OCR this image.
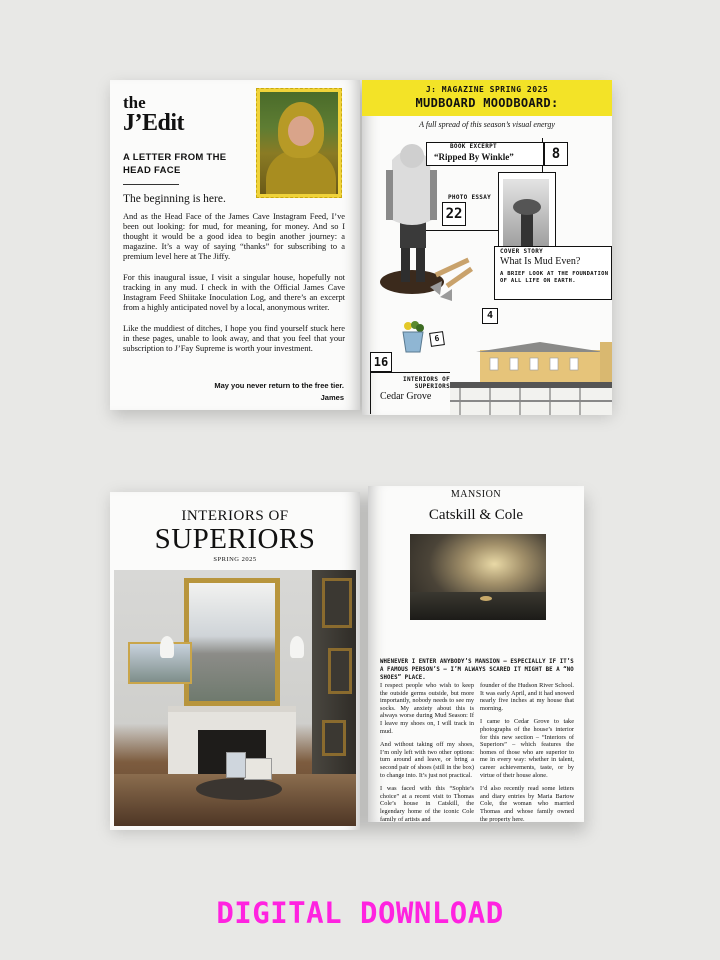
the
J’Edit
A LETTER FROM THE HEAD FACE
The beginning is here.
And as the Head Face of the James Cave Instagram Feed, I’ve been out looking: for mud, for meaning, for money. And so I thought it would be a good idea to begin another journey: a magazine. It’s a way of saying “thanks” for subscribing to a premium level here at The Jiffy.
For this inaugural issue, I visit a singular house, hopefully not tracking in any mud. I check in with the Official James Cave Instagram Feed Shiitake Inoculation Log, and there’s an excerpt from a highly anticipated novel by a local, anonymous writer.
Like the muddiest of ditches, I hope you find yourself stuck here in these pages, unable to look away, and that you feel that your subscription to J’Fay Supreme is worth your investment.
May you never return to the free tier.
James
J: MAGAZINE SPRING 2025
MUDBOARD MOODBOARD:
A full spread of this season’s visual energy
BOOK EXCERPT
“Ripped By Winkle”	8
PHOTO ESSAY
22
COVER STORY
What Is Mud Even?
A BRIEF LOOK AT THE FOUNDATION OF ALL LIFE ON EARTH.
4
6
16
INTERIORS OF SUPERIORS
Cedar Grove
INTERIORS OF
SUPERIORS
SPRING 2025
MANSION
Catskill & Cole
WHENEVER I ENTER ANYBODY’S MANSION — ESPECIALLY IF IT’S A FAMOUS PERSON’S — I’M ALWAYS SCARED IT MIGHT BE A “NO SHOES” PLACE.

I respect people who wish to keep the outside germs outside, but more importantly, nobody needs to see my socks. My anxiety about this is always worse during Mud Season: If I leave my shoes on, I will track in mud.

And without taking off my shoes, I’m only left with two other options: turn around and leave, or bring a second pair of shoes (still in the box) to change into. It’s just not practical.

I was faced with this “Sophie’s choice” at a recent visit to Thomas Cole’s house in Catskill, the legendary home of the iconic Cole family of artists and

founder of the Hudson River School. It was early April, and it had snowed nearly five inches at my house that morning.

I came to Cedar Grove to take photographs of the house’s interior for this new section – “Interiors of Superiors” – which features the homes of those who are superior to me in every way: whether in talent, career achievements, taste, or by virtue of their house alone.

I’d also recently read some letters and diary entries by Maria Bartow Cole, the woman who married Thomas and whose family owned the property here.

DIGITAL DOWNLOAD
